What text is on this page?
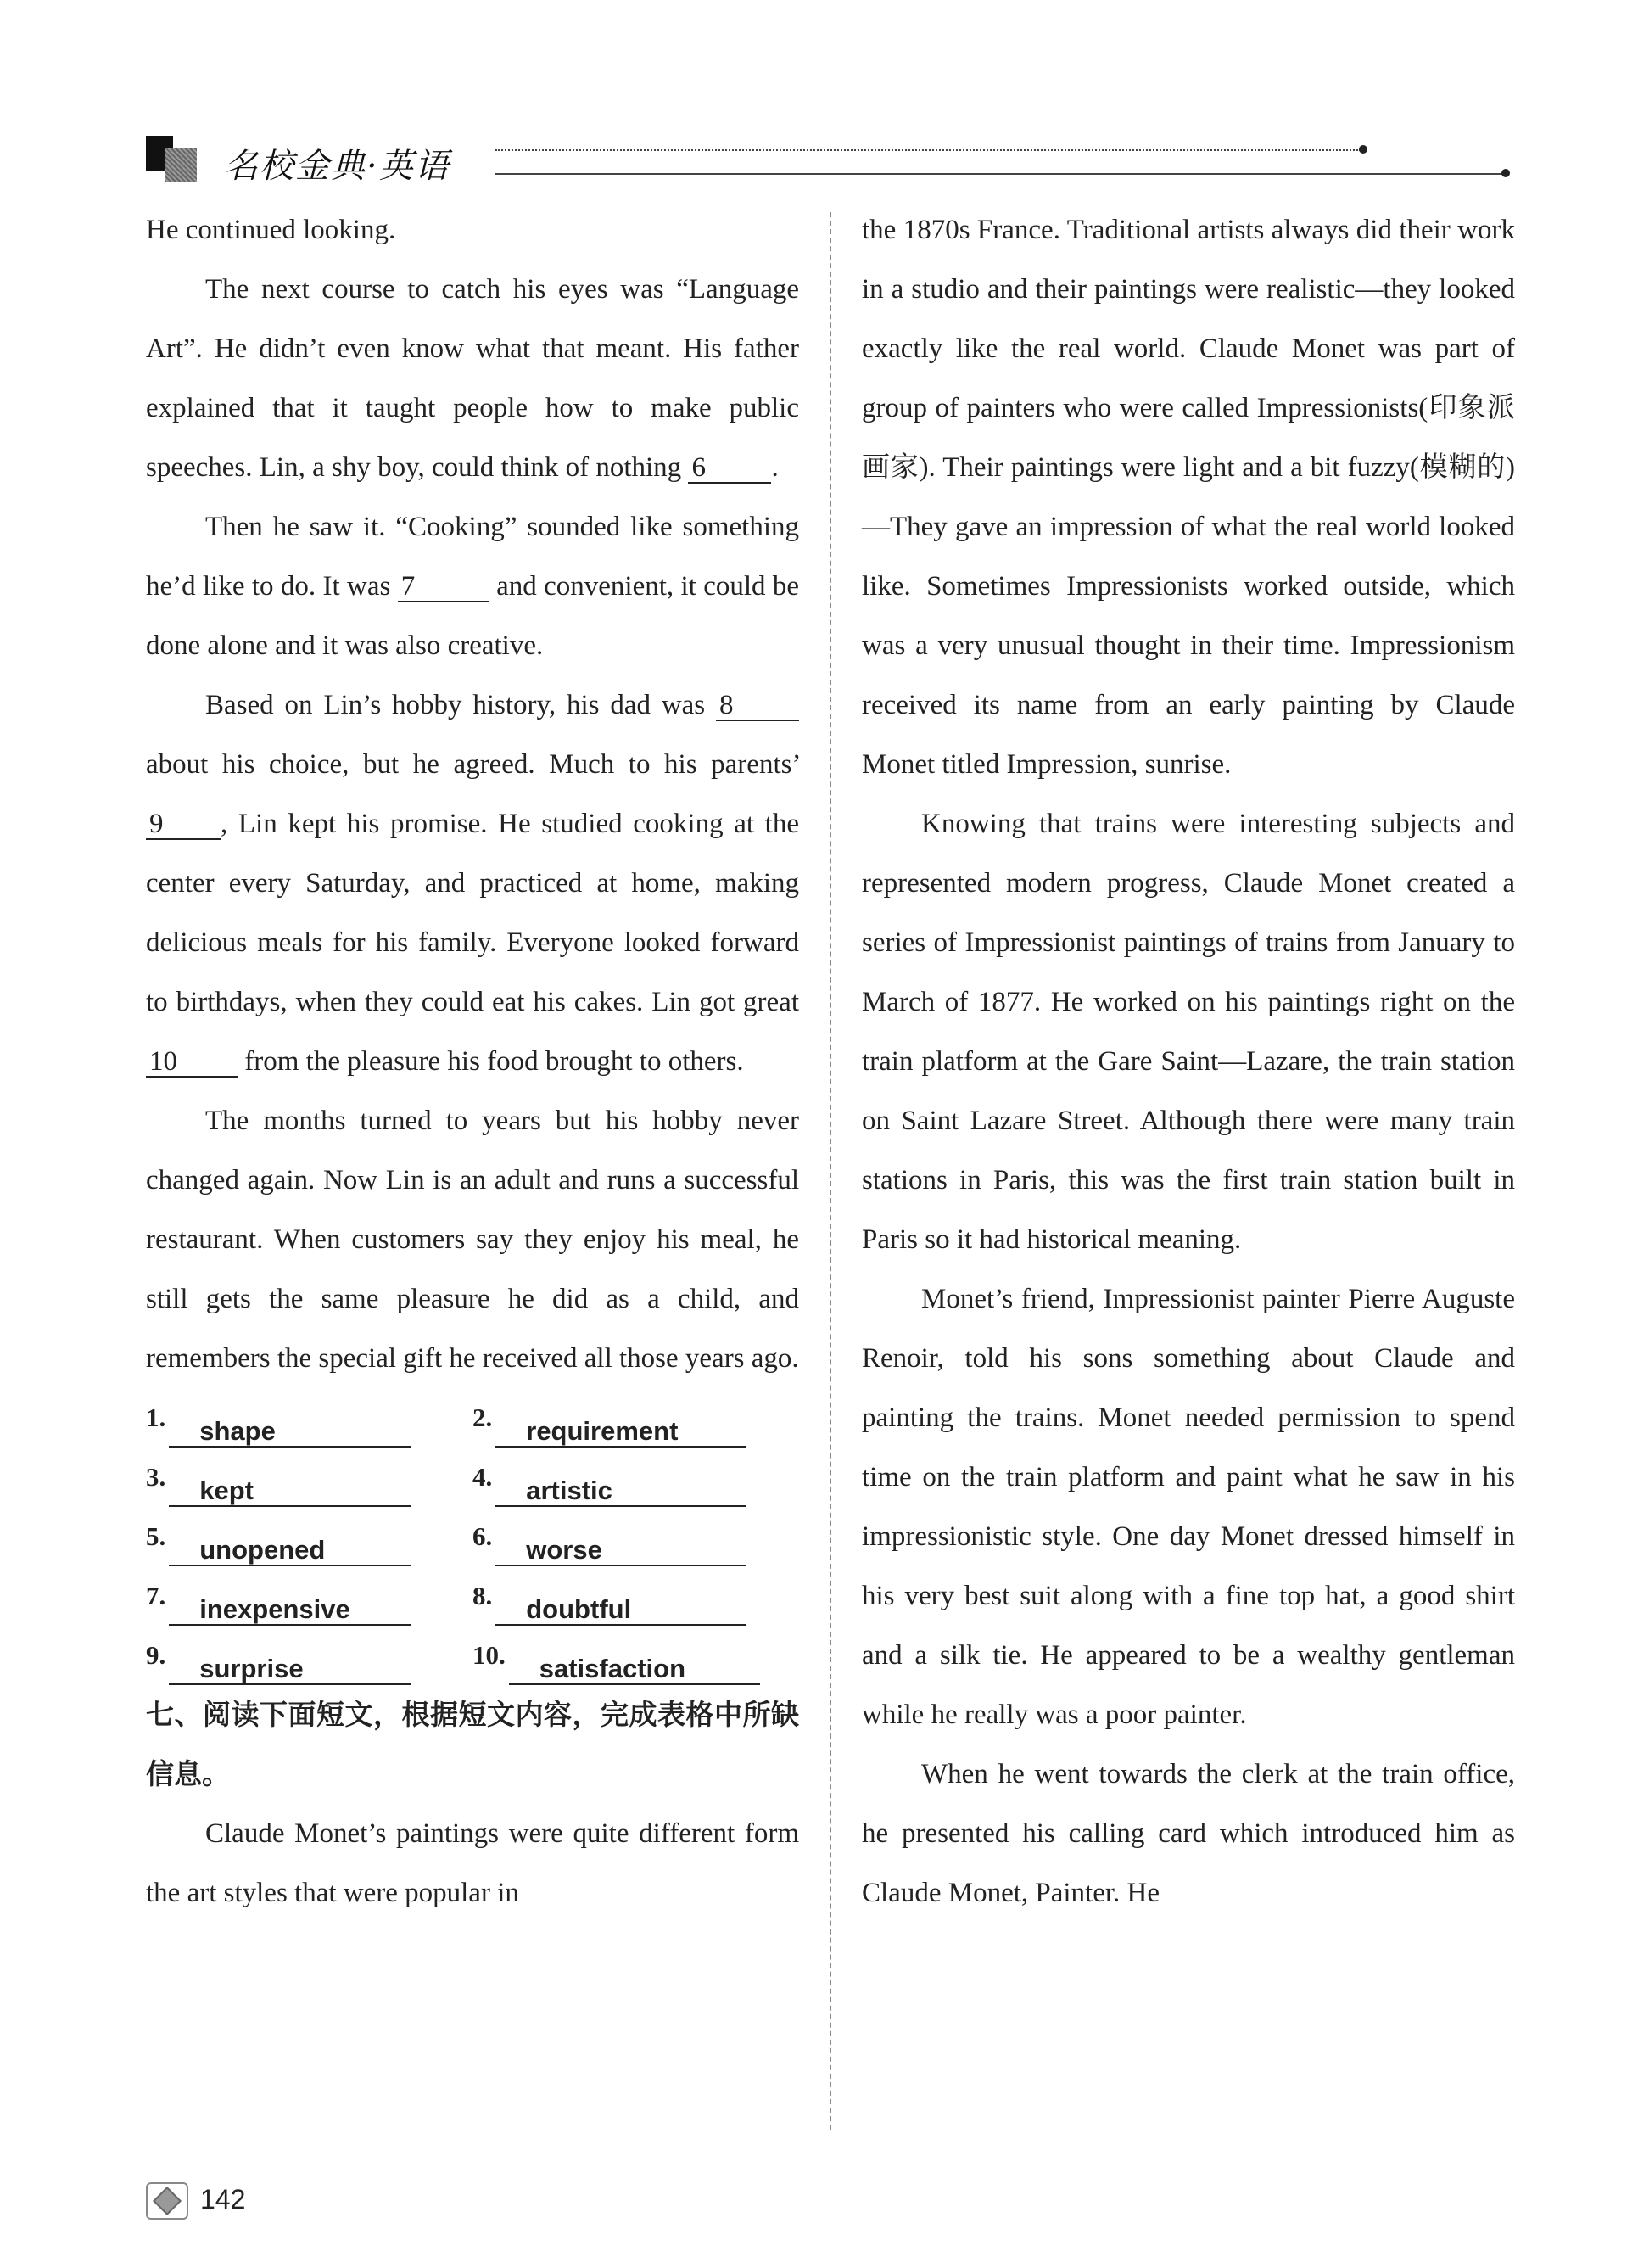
名校金典·英语

He continued looking.

The next course to catch his eyes was “Language Art”. He didn’t even know what that meant. His father explained that it taught people how to make public speeches. Lin, a shy boy, could think of nothing 6 .

Then he saw it. “Cooking” sounded like something he’d like to do. It was 7	and convenient, it could be done alone and it was also creative.

Based on Lin’s hobby history, his dad was 8 about his choice, but he agreed. Much to his parents’ 9 , Lin kept his promise. He studied cooking at the center every Saturday, and practiced at home, making delicious meals for his family. Everyone looked forward to birthdays, when they could eat his cakes. Lin got great 10 from the pleasure his food brought to others.

The months turned to years but his hobby never changed again. Now Lin is an adult and runs a successful restaurant. When customers say they enjoy his meal, he still gets the same pleasure he did as a child, and remembers the special gift he received all those years ago.

1.	shape	2.	requirement
3.	kept	4.	artistic
5.	unopened	6.	worse
7.	inexpensive	8.	doubtful
9.	surprise	10.	satisfaction

七、阅读下面短文，根据短文内容，完成表格中所缺信息。

Claude Monet’s paintings were quite different form the art styles that were popular in

the 1870s France. Traditional artists always did their work in a studio and their paintings were realistic—they looked exactly like the real world. Claude Monet was part of group of painters who were called Impressionists(印象派画家). Their paintings were light and a bit fuzzy(模糊的)—They gave an impression of what the real world looked like. Sometimes Impressionists worked outside, which was a very unusual thought in their time. Impressionism received its name from an early painting by Claude Monet titled Impression, sunrise.

Knowing that trains were interesting subjects and represented modern progress, Claude Monet created a series of Impressionist paintings of trains from January to March of 1877. He worked on his paintings right on the train platform at the Gare Saint—Lazare, the train station on Saint Lazare Street. Although there were many train stations in Paris, this was the first train station built in Paris so it had historical meaning.

Monet’s friend, Impressionist painter Pierre Auguste Renoir, told his sons something about Claude and painting the trains. Monet needed permission to spend time on the train platform and paint what he saw in his impressionistic style. One day Monet dressed himself in his very best suit along with a fine top hat, a good shirt and a silk tie. He appeared to be a wealthy gentleman while he really was a poor painter.

When he went towards the clerk at the train office, he presented his calling card which introduced him as Claude Monet, Painter. He

142
